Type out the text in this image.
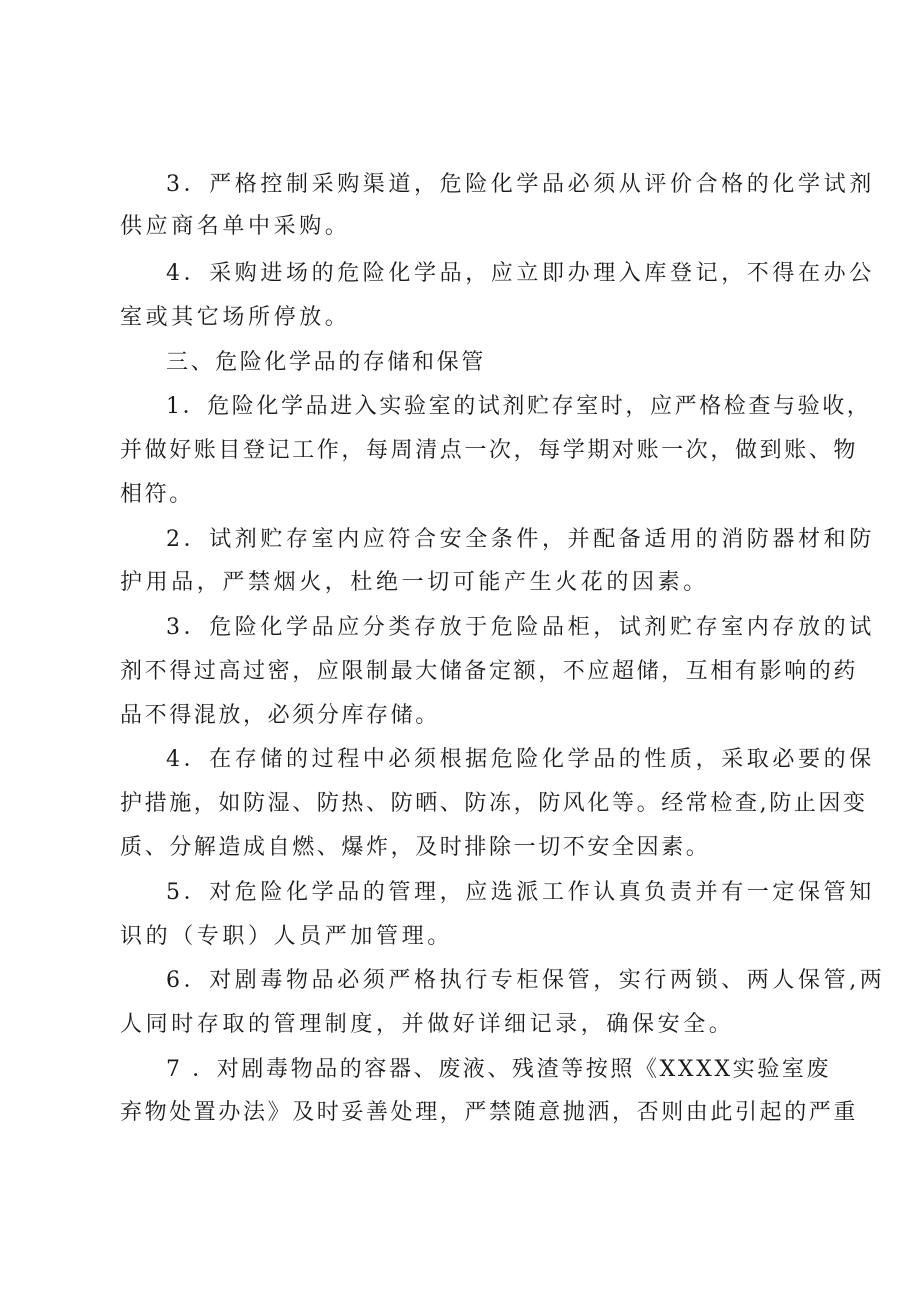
3．严格控制采购渠道，危险化学品必须从评价合格的化学试剂
供应商名单中采购。
4．采购进场的危险化学品，应立即办理入库登记，不得在办公
室或其它场所停放。
三、危险化学品的存储和保管
1．危险化学品进入实验室的试剂贮存室时，应严格检查与验收，
并做好账目登记工作，每周清点一次，每学期对账一次，做到账、物
相符。
2．试剂贮存室内应符合安全条件，并配备适用的消防器材和防
护用品，严禁烟火，杜绝一切可能产生火花的因素。
3．危险化学品应分类存放于危险品柜，试剂贮存室内存放的试
剂不得过高过密，应限制最大储备定额，不应超储，互相有影响的药
品不得混放，必须分库存储。
4．在存储的过程中必须根据危险化学品的性质，采取必要的保
护措施，如防湿、防热、防晒、防冻，防风化等。经常检查,防止因变
质、分解造成自燃、爆炸，及时排除一切不安全因素。
5．对危险化学品的管理，应选派工作认真负责并有一定保管知
识的（专职）人员严加管理。
6．对剧毒物品必须严格执行专柜保管，实行两锁、两人保管,两
人同时存取的管理制度，并做好详细记录，确保安全。
7 ．对剧毒物品的容器、废液、残渣等按照《XXXX实验室废
弃物处置办法》及时妥善处理，严禁随意抛洒，否则由此引起的严重
